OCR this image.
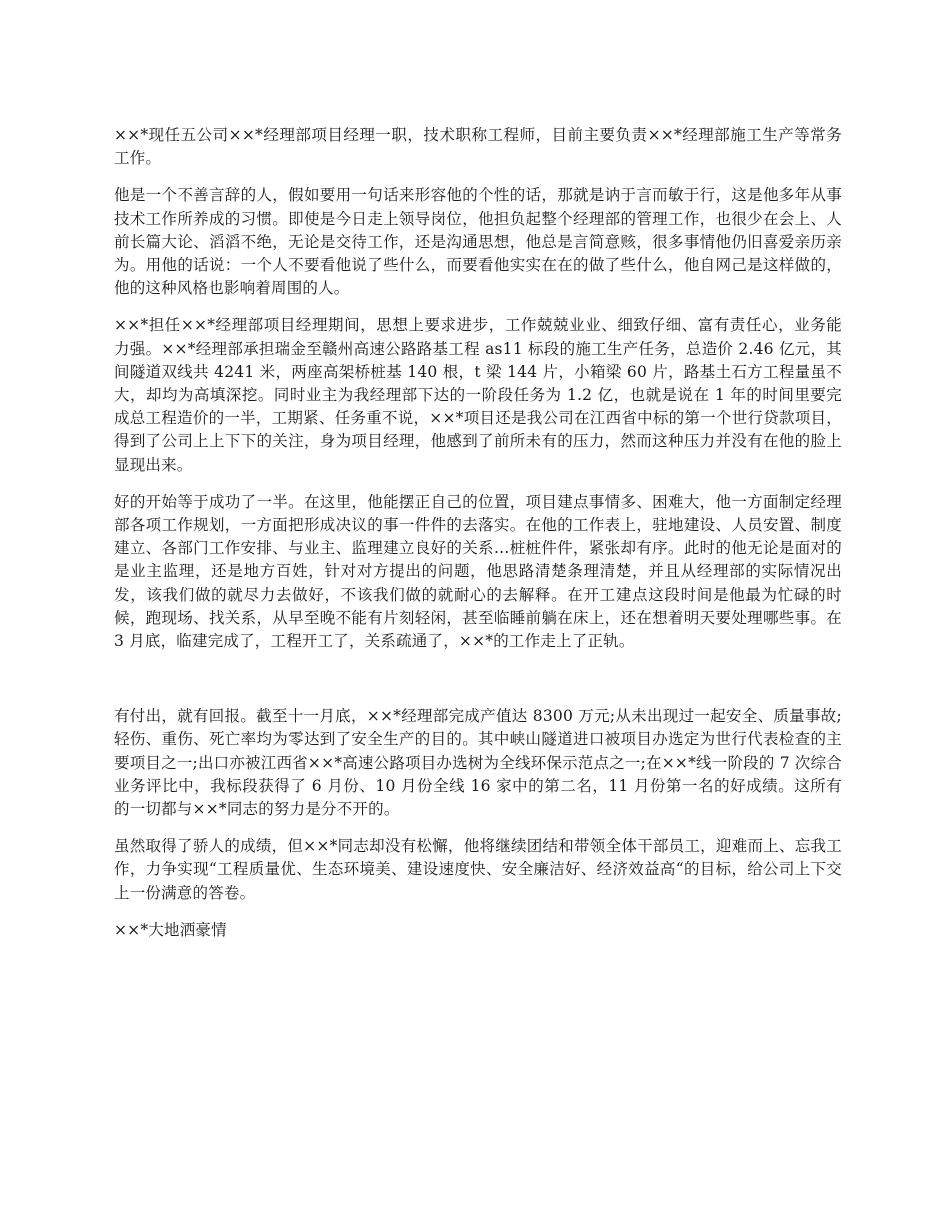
××*现任五公司××*经理部项目经理一职，技术职称工程师，目前主要负责××*经理部施工生产等常务工作。

他是一个不善言辞的人，假如要用一句话来形容他的个性的话，那就是讷于言而敏于行，这是他多年从事技术工作所养成的习惯。即使是今日走上领导岗位，他担负起整个经理部的管理工作，也很少在会上、人前长篇大论、滔滔不绝，无论是交待工作，还是沟通思想，他总是言简意赅，很多事情他仍旧喜爱亲历亲为。用他的话说：一个人不要看他说了些什么，而要看他实实在在的做了些什么，他自网己是这样做的，他的这种风格也影响着周围的人。

××*担任××*经理部项目经理期间，思想上要求进步，工作兢兢业业、细致仔细、富有责任心，业务能力强。××*经理部承担瑞金至赣州高速公路路基工程 as11 标段的施工生产任务，总造价 2.46 亿元，其间隧道双线共 4241 米，两座高架桥桩基 140 根，t 梁 144 片，小箱梁 60 片，路基土石方工程量虽不大，却均为高填深挖。同时业主为我经理部下达的一阶段任务为 1.2 亿，也就是说在 1 年的时间里要完成总工程造价的一半，工期紧、任务重不说，××*项目还是我公司在江西省中标的第一个世行贷款项目，得到了公司上上下下的关注，身为项目经理，他感到了前所未有的压力，然而这种压力并没有在他的脸上显现出来。

好的开始等于成功了一半。在这里，他能摆正自己的位置，项目建点事情多、困难大，他一方面制定经理部各项工作规划，一方面把形成决议的事一件件的去落实。在他的工作表上，驻地建设、人员安置、制度建立、各部门工作安排、与业主、监理建立良好的关系…桩桩件件，紧张却有序。此时的他无论是面对的是业主监理，还是地方百姓，针对对方提出的问题，他思路清楚条理清楚，并且从经理部的实际情况出发，该我们做的就尽力去做好，不该我们做的就耐心的去解释。在开工建点这段时间是他最为忙碌的时候，跑现场、找关系，从早至晚不能有片刻轻闲，甚至临睡前躺在床上，还在想着明天要处理哪些事。在 3 月底，临建完成了，工程开工了，关系疏通了，××*的工作走上了正轨。

有付出，就有回报。截至十一月底，××*经理部完成产值达 8300 万元;从未出现过一起安全、质量事故;轻伤、重伤、死亡率均为零达到了安全生产的目的。其中峡山隧道进口被项目办选定为世行代表检查的主要项目之一;出口亦被江西省××*高速公路项目办选树为全线环保示范点之一;在××*线一阶段的 7 次综合业务评比中，我标段获得了 6 月份、10 月份全线 16 家中的第二名，11 月份第一名的好成绩。这所有的一切都与××*同志的努力是分不开的。

虽然取得了骄人的成绩，但××*同志却没有松懈，他将继续团结和带领全体干部员工，迎难而上、忘我工作，力争实现“工程质量优、生态环境美、建设速度快、安全廉洁好、经济效益高“的目标，给公司上下交上一份满意的答卷。

××*大地洒豪情
